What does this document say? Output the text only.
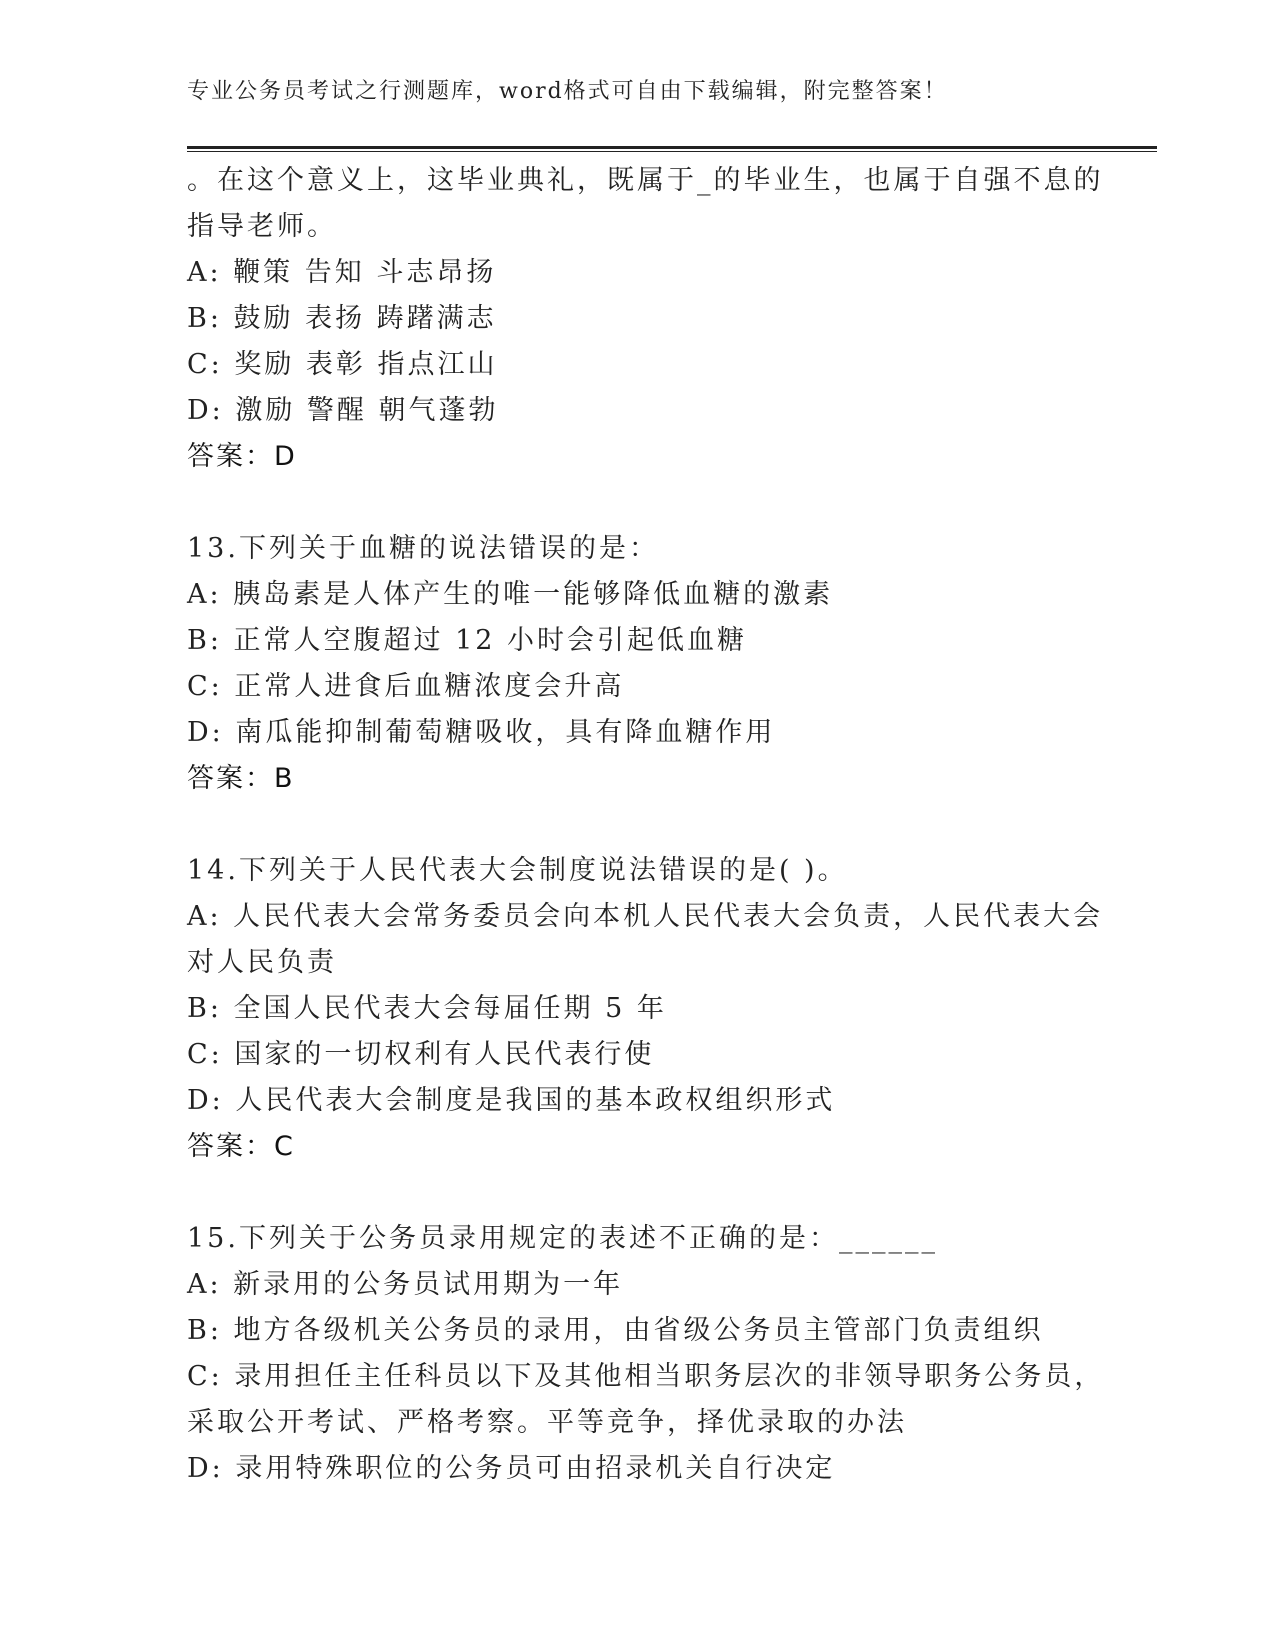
专业公务员考试之行测题库，word格式可自由下载编辑，附完整答案！
。在这个意义上，这毕业典礼，既属于_的毕业生，也属于自强不息的
指导老师。
A: 鞭策 告知 斗志昂扬
B: 鼓励 表扬 踌躇满志
C: 奖励 表彰 指点江山
D: 激励 警醒 朝气蓬勃
答案：D
13.下列关于血糖的说法错误的是：
A: 胰岛素是人体产生的唯一能够降低血糖的激素
B: 正常人空腹超过 12 小时会引起低血糖
C: 正常人进食后血糖浓度会升高
D: 南瓜能抑制葡萄糖吸收，具有降血糖作用
答案：B
14.下列关于人民代表大会制度说法错误的是( )。
A: 人民代表大会常务委员会向本机人民代表大会负责，人民代表大会
对人民负责
B: 全国人民代表大会每届任期 5 年
C: 国家的一切权利有人民代表行使
D: 人民代表大会制度是我国的基本政权组织形式
答案：C
15.下列关于公务员录用规定的表述不正确的是：______
A: 新录用的公务员试用期为一年
B: 地方各级机关公务员的录用，由省级公务员主管部门负责组织
C: 录用担任主任科员以下及其他相当职务层次的非领导职务公务员，
采取公开考试、严格考察。平等竞争，择优录取的办法
D: 录用特殊职位的公务员可由招录机关自行决定
